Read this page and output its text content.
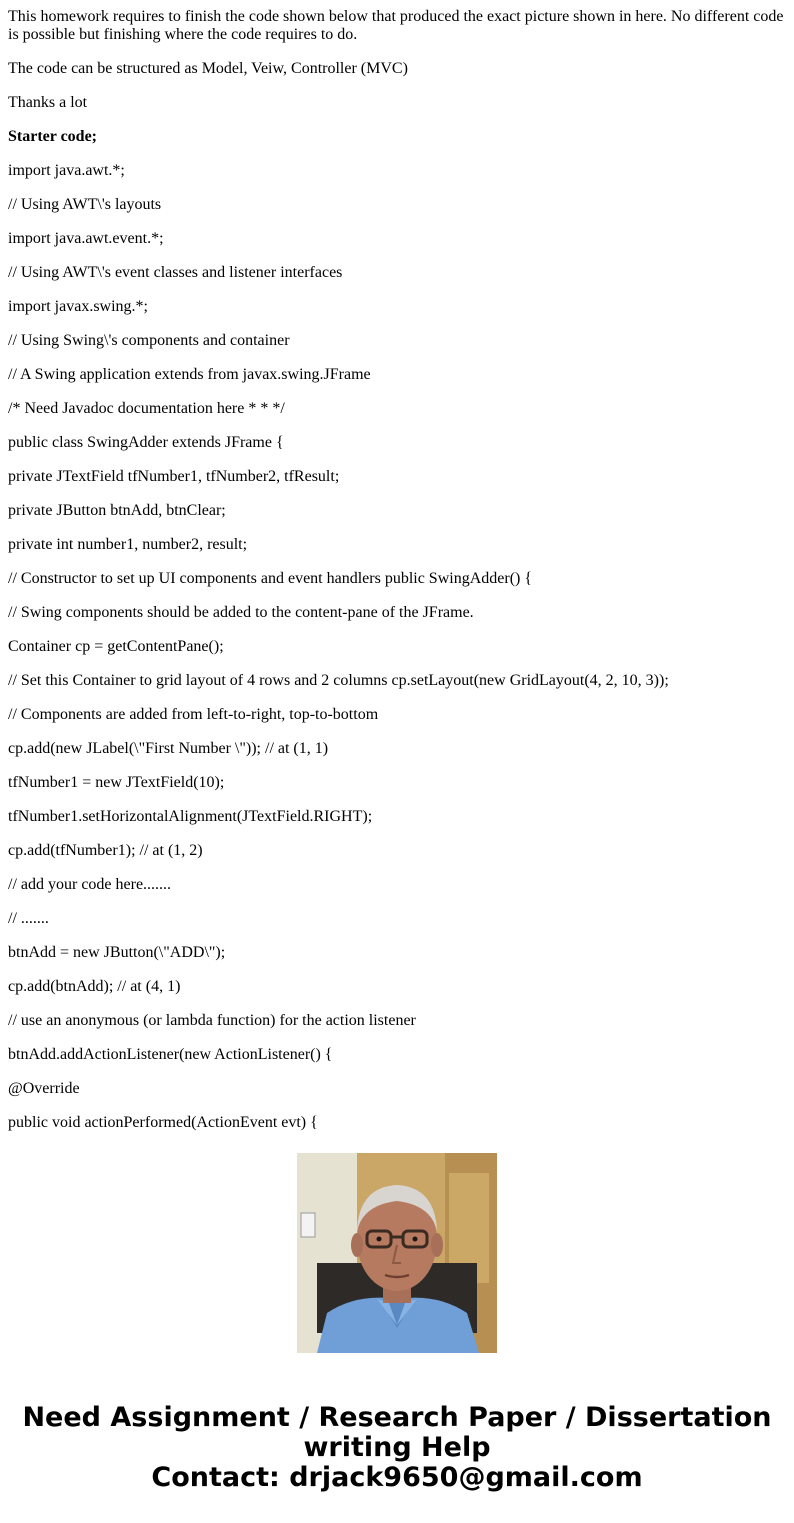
This homework requires to finish the code shown below that produced the exact picture shown in here. No different code is possible but finishing where the code requires to do.

The code can be structured as Model, Veiw, Controller (MVC)

Thanks a lot

Starter code;

import java.awt.*;

// Using AWT\'s layouts

import java.awt.event.*;

// Using AWT\'s event classes and listener interfaces

import javax.swing.*;

// Using Swing\'s components and container

// A Swing application extends from javax.swing.JFrame

/* Need Javadoc documentation here * * */

public class SwingAdder extends JFrame {

private JTextField tfNumber1, tfNumber2, tfResult;

private JButton btnAdd, btnClear;

private int number1, number2, result;

// Constructor to set up UI components and event handlers public SwingAdder() {

// Swing components should be added to the content-pane of the JFrame.

Container cp = getContentPane();

// Set this Container to grid layout of 4 rows and 2 columns cp.setLayout(new GridLayout(4, 2, 10, 3));

// Components are added from left-to-right, top-to-bottom

cp.add(new JLabel(\"First Number \")); // at (1, 1)

tfNumber1 = new JTextField(10);

tfNumber1.setHorizontalAlignment(JTextField.RIGHT);

cp.add(tfNumber1); // at (1, 2)

// add your code here.......

// .......

btnAdd = new JButton(\"ADD\");

cp.add(btnAdd); // at (4, 1)

// use an anonymous (or lambda function) for the action listener

btnAdd.addActionListener(new ActionListener() {

@Override

public void actionPerformed(ActionEvent evt) {

Need Assignment / Research Paper / Dissertation
writing Help
Contact: drjack9650@gmail.com
